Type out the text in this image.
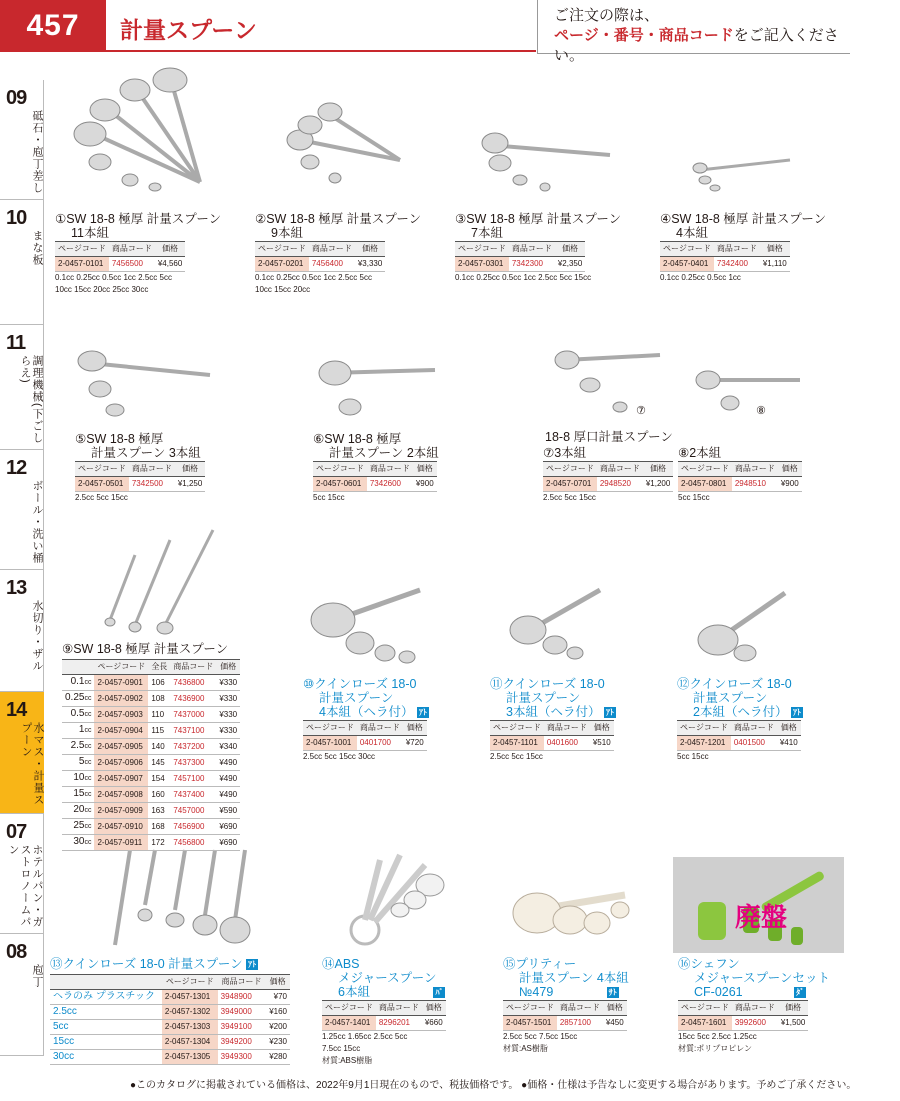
457	計量スプーン
ご注文の際は、
ページ・番号・商品コードをご記入ください。
09
砥石・庖丁差し
10
まな板
11
調理機械(下ごしらえ)
12
ボール・洗い桶
13
水切り・ザル
14
水マス・計量スプーン
07
ホテルパン・ガストロノームパン
08
庖丁
⑦	⑧
廃盤
①SW 18-8 極厚 計量スプーン
11本組
ページコード	商品コード	価格
2-0457-0101	7456500	¥4,560
0.1cc 0.25cc 0.5cc 1cc 2.5cc 5cc
10cc 15cc 20cc 25cc 30cc
②SW 18-8 極厚 計量スプーン
9本組
ページコード	商品コード	価格
2-0457-0201	7456400	¥3,330
0.1cc 0.25cc 0.5cc 1cc 2.5cc 5cc
10cc 15cc 20cc
③SW 18-8 極厚 計量スプーン
7本組
ページコード	商品コード	価格
2-0457-0301	7342300	¥2,350
0.1cc 0.25cc 0.5cc 1cc 2.5cc 5cc 15cc
④SW 18-8 極厚 計量スプーン
4本組
ページコード	商品コード	価格
2-0457-0401	7342400	¥1,110
0.1cc 0.25cc 0.5cc 1cc
⑤SW 18-8 極厚
計量スプーン 3本組
ページコード	商品コード	価格
2-0457-0501	7342500	¥1,250
2.5cc 5cc 15cc
⑥SW 18-8 極厚
計量スプーン 2本組
ページコード	商品コード	価格
2-0457-0601	7342600	¥900
5cc 15cc
18-8 厚口計量スプーン
⑦3本組
ページコード	商品コード	価格
2-0457-0701	2948520	¥1,200
2.5cc 5cc 15cc
⑧2本組
ページコード	商品コード	価格
2-0457-0801	2948510	¥900
5cc 15cc
⑨SW 18-8 極厚 計量スプーン
	ページコード	全長	商品コード	価格
0.1cc	2-0457-0901	106	7436800	¥330
0.25cc	2-0457-0902	108	7436900	¥330
0.5cc	2-0457-0903	110	7437000	¥330
1cc	2-0457-0904	115	7437100	¥330
2.5cc	2-0457-0905	140	7437200	¥340
5cc	2-0457-0906	145	7437300	¥490
10cc	2-0457-0907	154	7457100	¥490
15cc	2-0457-0908	160	7437400	¥490
20cc	2-0457-0909	163	7457000	¥590
25cc	2-0457-0910	168	7456900	¥690
30cc	2-0457-0911	172	7456800	¥690
⑩クインローズ 18-0
計量スプーン
4本組（ヘラ付） ｱﾄ
ページコード	商品コード	価格
2-0457-1001	0401700	¥720
2.5cc 5cc 15cc 30cc
⑪クインローズ 18-0
計量スプーン
3本組（ヘラ付） ｱﾄ
ページコード	商品コード	価格
2-0457-1101	0401600	¥510
2.5cc 5cc 15cc
⑫クインローズ 18-0
計量スプーン
2本組（ヘラ付） ｱﾄ
ページコード	商品コード	価格
2-0457-1201	0401500	¥410
5cc 15cc
⑬クインローズ 18-0 計量スプーン ｱﾄ
	ページコード	商品コード	価格
ヘラのみ プラスチック	2-0457-1301	3948900	¥70
2.5cc	2-0457-1302	3949000	¥160
5cc	2-0457-1303	3949100	¥200
15cc	2-0457-1304	3949200	¥230
30cc	2-0457-1305	3949300	¥280
⑭ABS
メジャースプーン
6本組	ﾊﾟ
ページコード	商品コード	価格
2-0457-1401	8296201	¥660
1.25cc 1.65cc 2.5cc 5cc
7.5cc 15cc
材質:ABS樹脂
⑮プリティー
計量スプーン 4本組
№479	ｻﾄ
ページコード	商品コード	価格
2-0457-1501	2857100	¥450
2.5cc 5cc 7.5cc 15cc
材質:AS樹脂
⑯シェフン
メジャースプーンセット
CF-0261	ﾀﾞ
ページコード	商品コード	価格
2-0457-1601	3992600	¥1,500
15cc 5cc 2.5cc 1.25cc
材質:ポリプロピレン
●このカタログに掲載されている価格は、2022年9月1日現在のもので、税抜価格です。 ●価格・仕様は予告なしに変更する場合があります。予めご了承ください。
